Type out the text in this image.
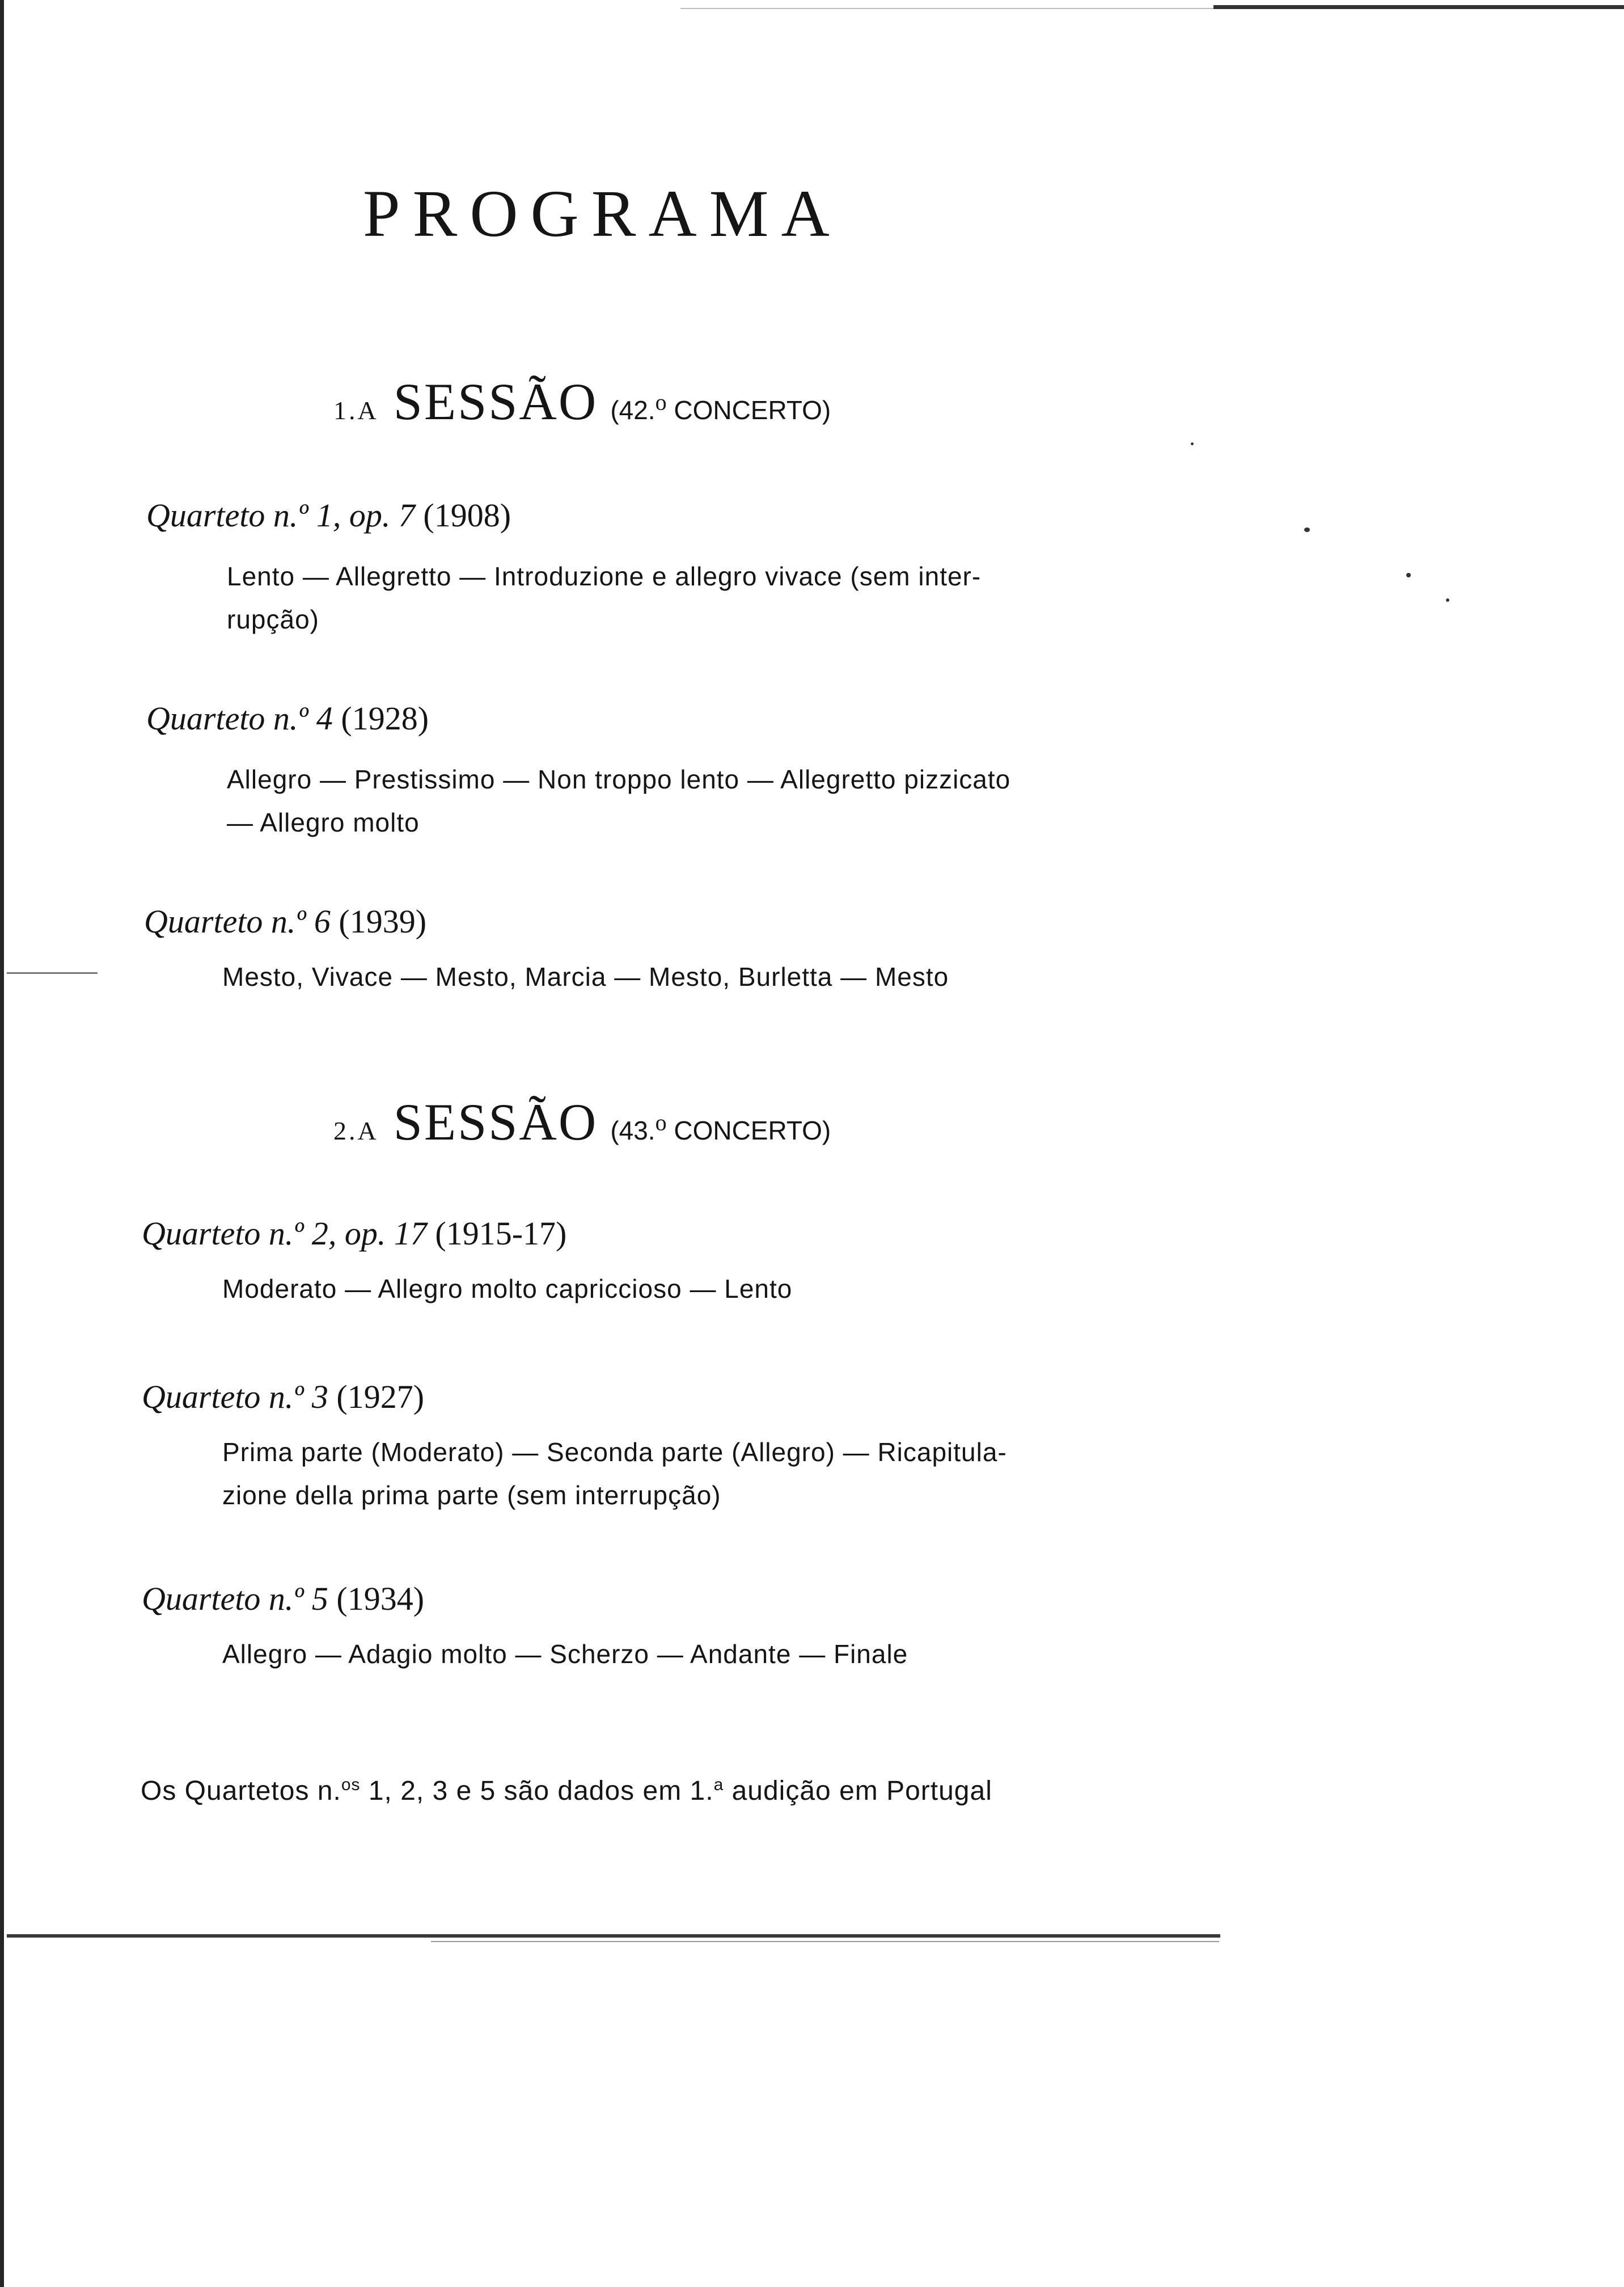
PROGRAMA
1.A SESSÃO (42.$^o$ CONCERTO)
Quarteto n.º 1, op. 7 (1908)
Lento — Allegretto — Introduzione e allegro vivace (sem inter-
rupção)
Quarteto n.º 4 (1928)
Allegro — Prestissimo — Non troppo lento — Allegretto pizzicato
— Allegro molto
Quarteto n.º 6 (1939)
Mesto, Vivace — Mesto, Marcia — Mesto, Burletta — Mesto
2.A SESSÃO (43.$^o$ CONCERTO)
Quarteto n.º 2, op. 17 (1915-17)
Moderato — Allegro molto capriccioso — Lento
Quarteto n.º 3 (1927)
Prima parte (Moderato) — Seconda parte (Allegro) — Ricapitula-
zione della prima parte (sem interrupção)
Quarteto n.º 5 (1934)
Allegro — Adagio molto — Scherzo — Andante — Finale
Os Quartetos n.$^{os}$ 1, 2, 3 e 5 são dados em 1.$^a$ audição em Portugal
